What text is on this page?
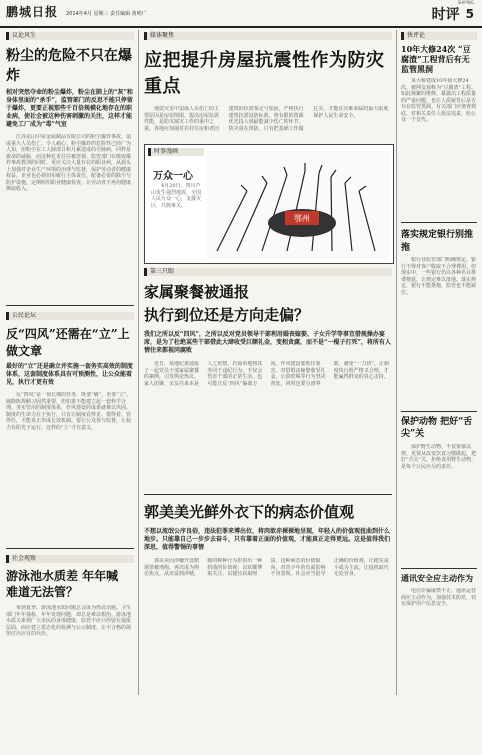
鹏城日报 2014年4月 星期三 责任编辑 黄明广	时评 5
SHIPING
议论风生
粉尘的危险不只在爆炸
相对突然夺命的粉尘爆炸，粉尘在肺上的“灰”和身体里面的“杀手”，监管部门的反思不能只停留于爆炸，更要正视那些千百倍规模化地存在的职业病，使社会被这种伤害刺激的关注，这样才能避免工厂成为“毒”气室
　　江苏昆山中荣金属制品有限公司的粉尘爆炸事故，造成重大人员伤亡，令人痛心。粉尘爆炸的危险性已经广为人知，但粉尘在工人肺部日积月累造成的尘肺病，同样是致命的威胁，而这种危害往往被忽视。监管部门在吸取爆炸事故教训的同时，更应关注大量存在的职业病，从源头上加强对企业生产环境的治理与监督，保护劳动者的健康权益。企业也必须切实履行主体责任，配备必要的除尘与防护设施，定期组织职业健康检查，让劳动者不再用健康换取收入。
公民论坛
反“四风”还需在“立”上做文章
最好的“立”还是确立并实施一套务实高效的制度体系，这套制度体系具有可预测性，让公众能看见，执行才更有效
　　反“四风”是一项长期的任务，既要“破”，更要“立”。破除陈规陋习固然重要，但如果不能建立起一套科学合理、务实管用的制度体系，作风建设的成果就难以巩固。制度的生命力在于执行，只有让制度看得见、摸得着、管得住，才能真正形成长效机制。要让公众参与监督，让权力在阳光下运行，这样的“立”才有意义。
社会观察
游泳池水质差 年年喊 难道无法管？
　　每到夏季，游泳池水质问题总会成为热议话题。卫生部门年年抽检，年年发现问题，却总是难以根治。游泳池水质关系到广大市民的身体健康，监管不应只停留在通报层面，而应建立常态化的检测与公示制度，让不合格的场馆付出应有的代价。
媒体聚焦
应把提升房屋抗震性作为防灾重点
　　地震灾害中造成人员伤亡的主要原因是房屋倒塌。提高房屋抗震性能，是防灾减灾工作的重中之重。各地应加强对农村住房和老旧建筑的抗震鉴定与加固，严格执行建筑抗震设防标准，将有限的资源优先投入到最能减少伤亡的环节。防灾重在预防，只有把基础工作做扎实，才能在灾难来临时最大限度保护人民生命安全。
时事漫画
万众一心
　　4月20日，四川芦山发生强烈地震，全国人民万众一心，支援灾区，共渡难关。
鄂州
第三只眼
家属聚餐被通报
执行到位还是方向走偏？
我们之所以反“四风”，之所以反对党员领导干部利用婚丧嫁娶、子女升学等事宜借规操办宴席，是为了杜绝某些干部借此大肆收受巨额礼金，变相贪腐，而不是“一棍子打死”，将所有人情往来都视同腐败
　　近日，某地纪委通报了一起党员干部家属聚餐的案例，引发舆论热议。家人团聚、亲友往来本是人之常情，若简单地将其等同于违纪行为，不仅会伤害干部的正常生活，也可能让反“四风”偏离方向。作风建设要抓住要害，对借婚丧嫁娶收受礼金、公款吃喝等行为坚决查处，同时也要分清界限，避免“一刀切”，让制度执行既严格又合理，才能赢得群众的真心支持。
郭美美光鲜外衣下的病态价值观
不想以流氓公序良俗，违法犯罪来博出位，将肉欲赤裸裸地呈现，年轻人的价值观扭曲到什么地步。只能靠自己一步步去奋斗，只有靠着正面的价值观，才能真正走得更远。这是值得我们深思，值得警惕的事情
　　郭美美因涉嫌开设赌场罪被刑拘，再次成为舆论焦点。从炫富到涉赌，她的种种行为折射出一种扭曲的价值观：以炫耀博取关注，以捷径获取财富。这种病态的价值取向，对青少年的负面影响不容忽视。社会应当倡导正确的价值观，让踏实奋斗成为主流，让投机取巧无处容身。
快评论
10年大修24次 “豆腐渣”工程背后有无监管黑洞
　　某大桥建成10年间大修24次，被网友戏称为“豆腐渣”工程。如此频繁的维修，暴露出工程质量的严重问题，也让人质疑背后是否存在监管黑洞。有关部门应彻查到底，对相关责任人依法追责，给公众一个交代。
落实规定银行别推拖
　　银行业监管部门明确规定，银行不得对客户收取不合理费用。但现实中，一些银行仍以各种名目推诿拖延，让规定难以落地。落实规定，银行不能推拖，监管也不能缺位。
保护动物 把好“舌尖”关
　　保护野生动物，不仅要靠法律，更要从改变饮食习惯做起。把好“舌尖”关，拒绝食用野生动物，是每个公民应尽的责任。
通讯安全应主动作为
　　电信诈骗屡禁不止，通讯运营商应主动作为，加强技术防范，切实保护用户信息安全。
